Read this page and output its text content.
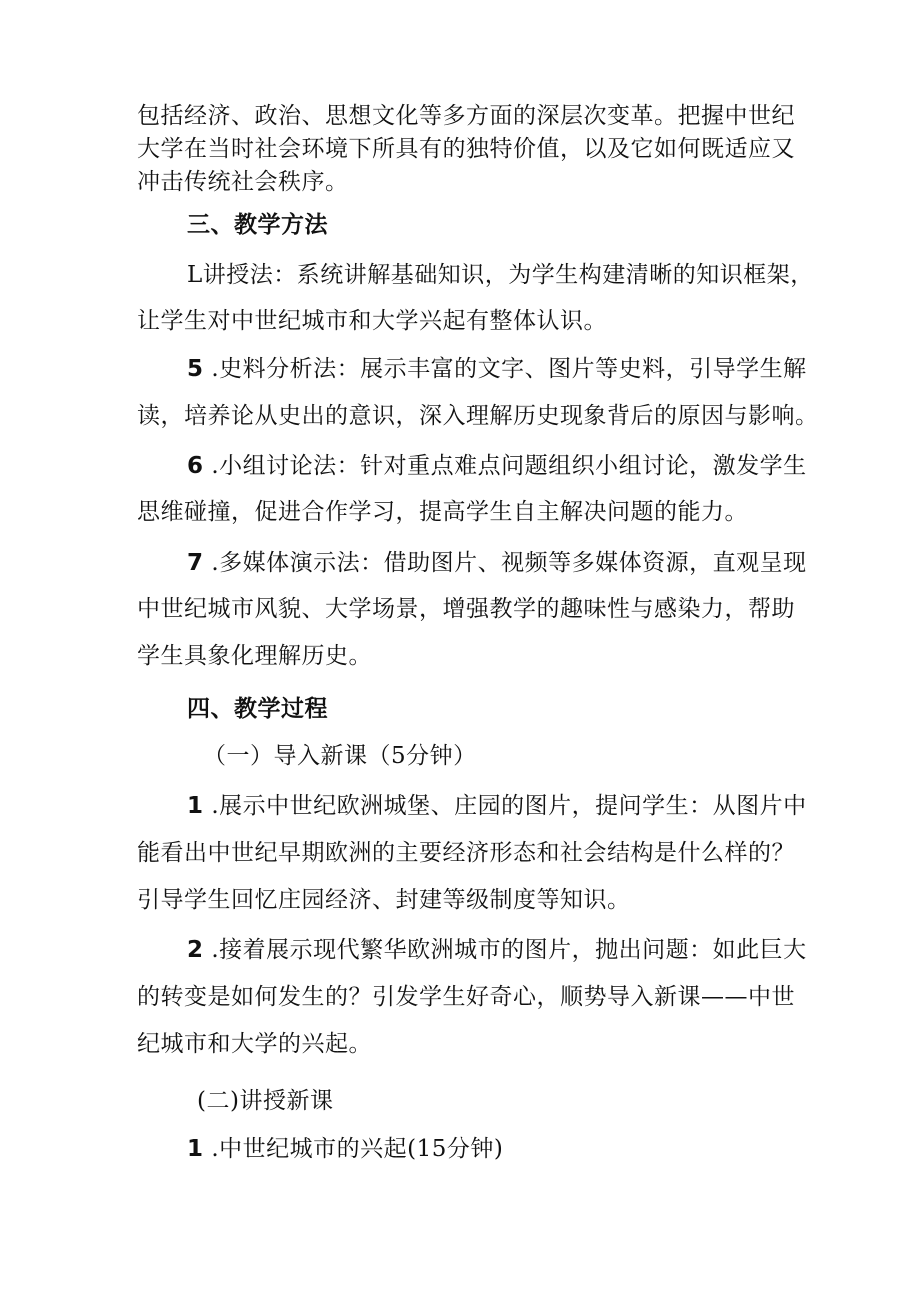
包括经济、政治、思想文化等多方面的深层次变革。把握中世纪
大学在当时社会环境下所具有的独特价值，以及它如何既适应又
冲击传统社会秩序。
三、教学方法
L讲授法：系统讲解基础知识，为学生构建清晰的知识框架，
让学生对中世纪城市和大学兴起有整体认识。
5 .史料分析法：展示丰富的文字、图片等史料，引导学生解
读，培养论从史出的意识，深入理解历史现象背后的原因与影响。
6 .小组讨论法：针对重点难点问题组织小组讨论，激发学生
思维碰撞，促进合作学习，提高学生自主解决问题的能力。
7 .多媒体演示法：借助图片、视频等多媒体资源，直观呈现
中世纪城市风貌、大学场景，增强教学的趣味性与感染力，帮助
学生具象化理解历史。
四、教学过程
（一）导入新课（5分钟）
1 .展示中世纪欧洲城堡、庄园的图片，提问学生：从图片中
能看出中世纪早期欧洲的主要经济形态和社会结构是什么样的？
引导学生回忆庄园经济、封建等级制度等知识。
2 .接着展示现代繁华欧洲城市的图片，抛出问题：如此巨大
的转变是如何发生的？引发学生好奇心，顺势导入新课——中世
纪城市和大学的兴起。
(二)讲授新课
1 .中世纪城市的兴起(15分钟)
